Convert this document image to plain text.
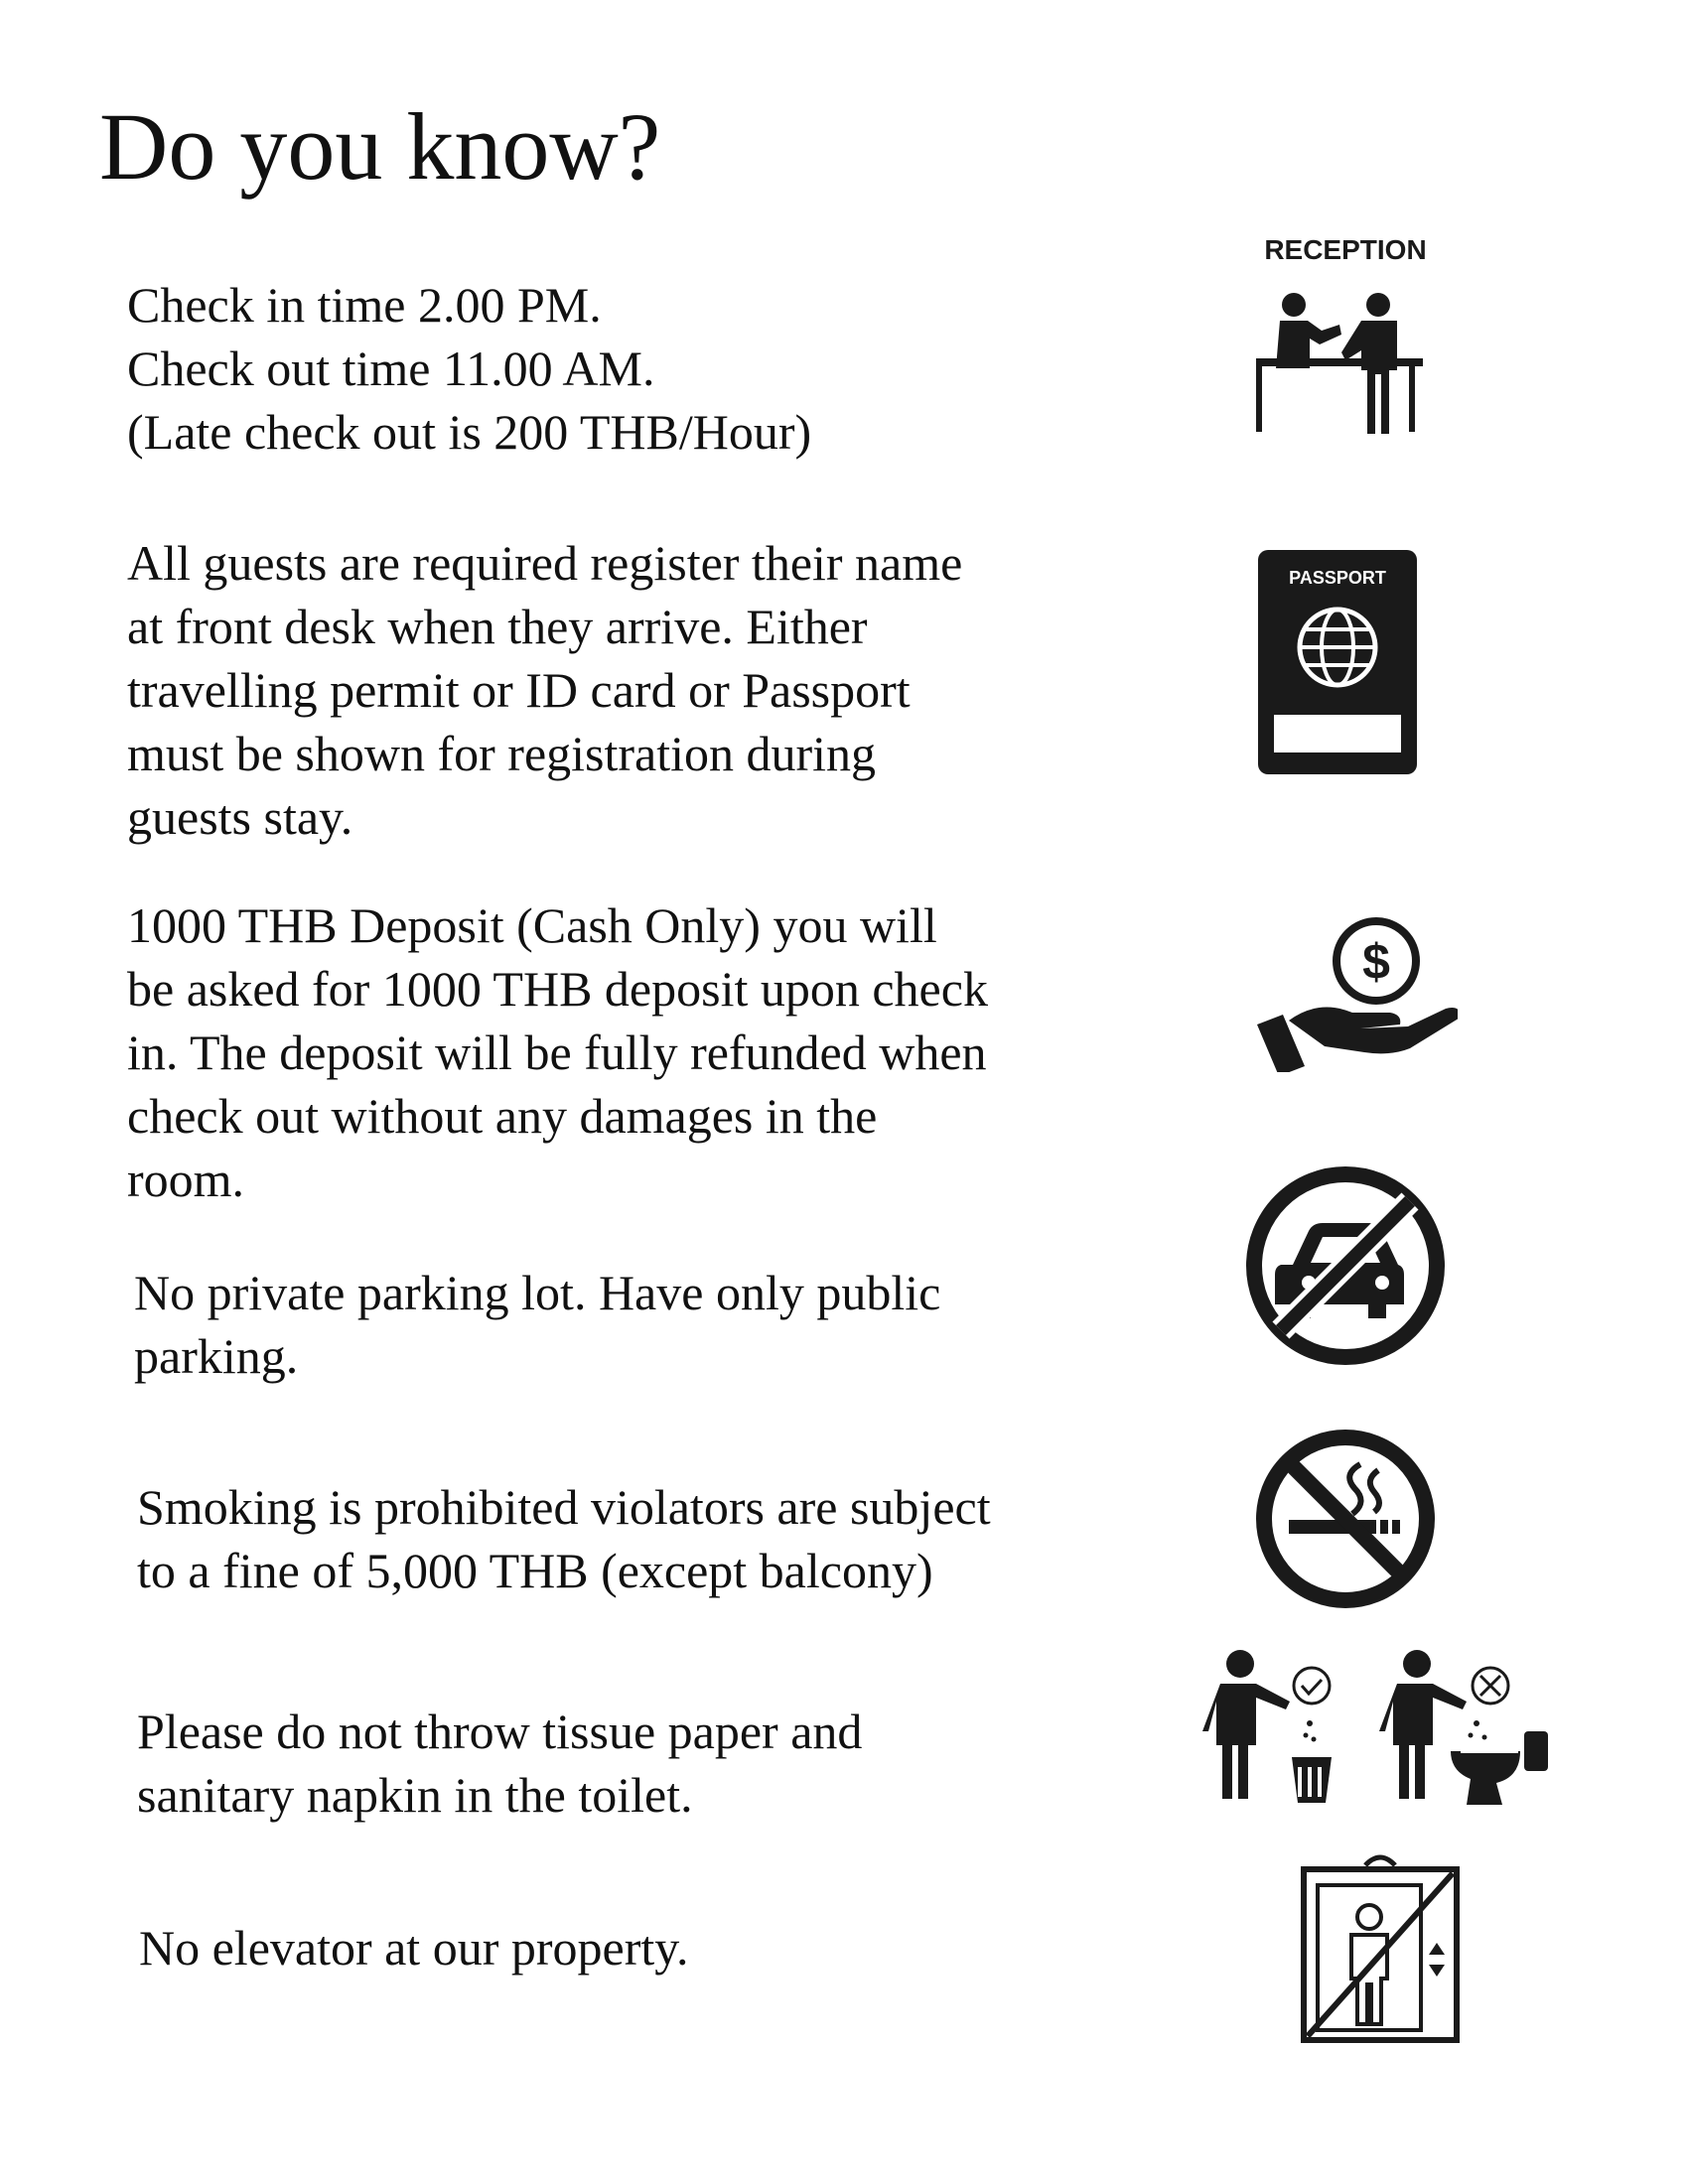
Do you know?
Check in time 2.00 PM.
Check out time 11.00 AM.
(Late check out is 200 THB/Hour)
RECEPTION
All guests are required register their name
at front desk when they arrive. Either
travelling permit or ID card or Passport
must be shown for registration during
guests stay.
PASSPORT
1000 THB Deposit (Cash Only) you will
be asked for 1000 THB deposit upon check
in. The deposit will be fully refunded when
check out without any damages in the
room.
$
No private parking lot. Have only public
parking.
Smoking is prohibited violators are subject
to a fine of 5,000 THB (except balcony)
Please do not throw tissue paper and
sanitary napkin in the toilet.
No elevator at our property.
